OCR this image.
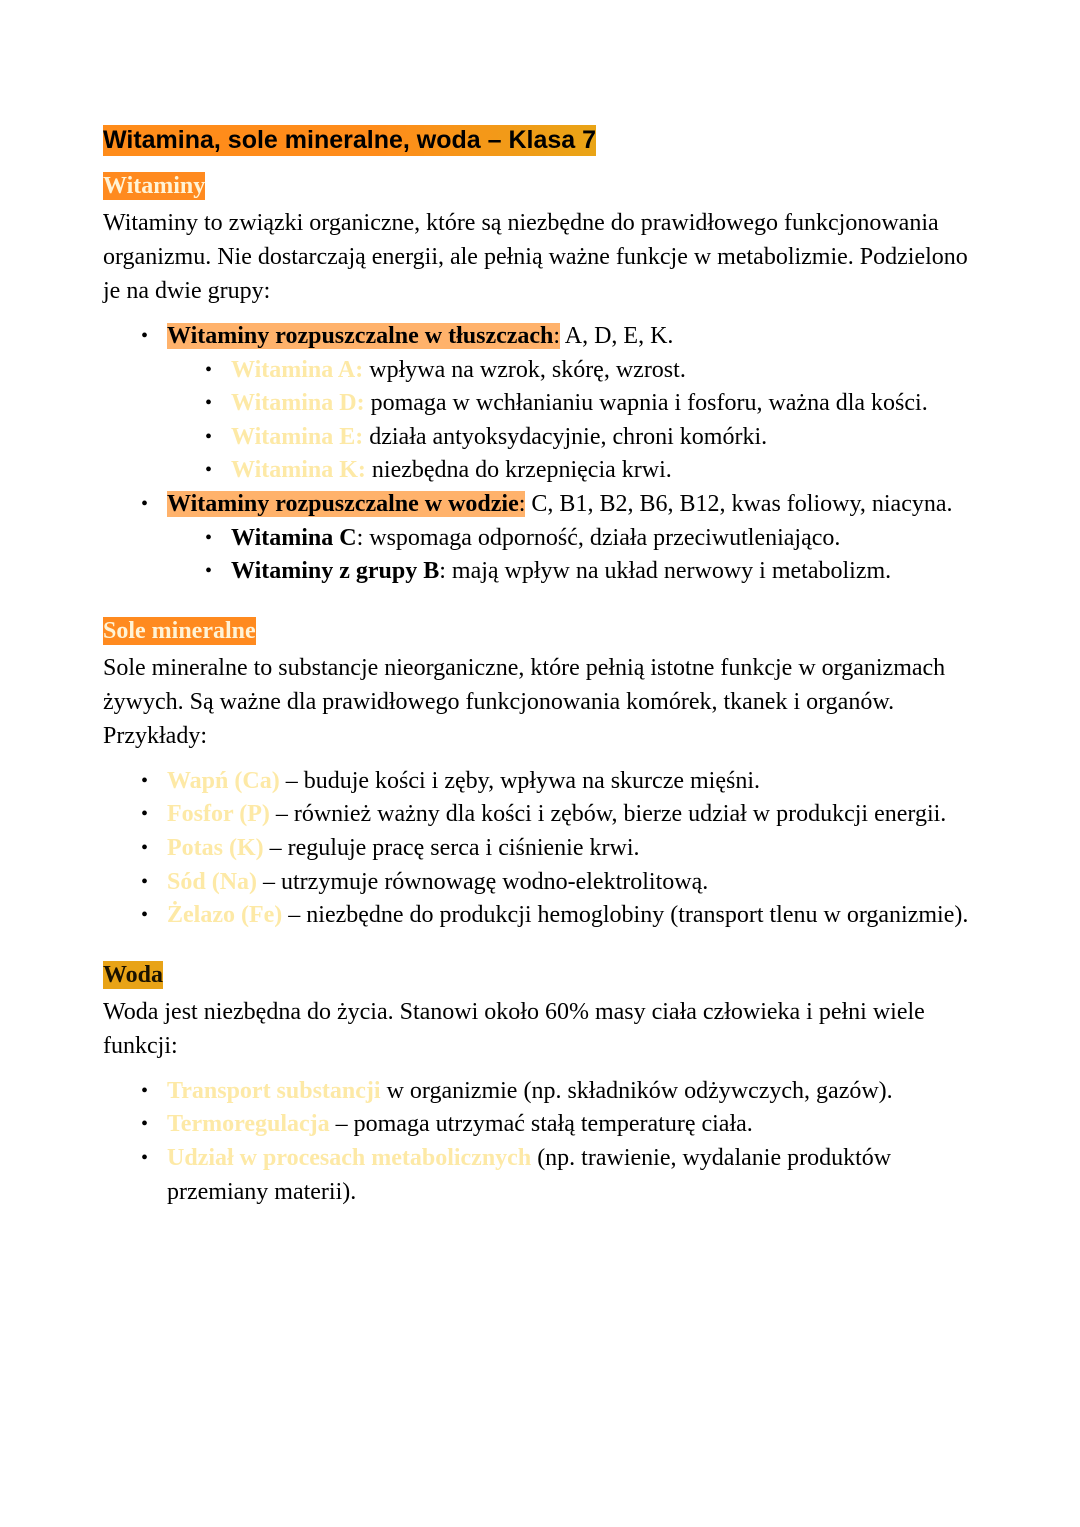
Witamina, sole mineralne, woda – Klasa 7
Witaminy

Witaminy to związki organiczne, które są niezbędne do prawidłowego funkcjonowania organizmu. Nie dostarczają energii, ale pełnią ważne funkcje w metabolizmie. Podzielono je na dwie grupy:

• Witaminy rozpuszczalne w tłuszczach: A, D, E, K.
• Witamina A: wpływa na wzrok, skórę, wzrost.
• Witamina D: pomaga w wchłanianiu wapnia i fosforu, ważna dla kości.
• Witamina E: działa antyoksydacyjnie, chroni komórki.
• Witamina K: niezbędna do krzepnięcia krwi.
• Witaminy rozpuszczalne w wodzie: C, B1, B2, B6, B12, kwas foliowy, niacyna.
• Witamina C: wspomaga odporność, działa przeciwutleniająco.
• Witaminy z grupy B: mają wpływ na układ nerwowy i metabolizm.
Sole mineralne

Sole mineralne to substancje nieorganiczne, które pełnią istotne funkcje w organizmach żywych. Są ważne dla prawidłowego funkcjonowania komórek, tkanek i organów. Przykłady:

• Wapń (Ca) – buduje kości i zęby, wpływa na skurcze mięśni.
• Fosfor (P) – również ważny dla kości i zębów, bierze udział w produkcji energii.
• Potas (K) – reguluje pracę serca i ciśnienie krwi.
• Sód (Na) – utrzymuje równowagę wodno-elektrolitową.
• Żelazo (Fe) – niezbędne do produkcji hemoglobiny (transport tlenu w organizmie).
Woda

Woda jest niezbędna do życia. Stanowi około 60% masy ciała człowieka i pełni wiele funkcji:

• Transport substancji w organizmie (np. składników odżywczych, gazów).
• Termoregulacja – pomaga utrzymać stałą temperaturę ciała.
• Udział w procesach metabolicznych (np. trawienie, wydalanie produktów przemiany materii).
